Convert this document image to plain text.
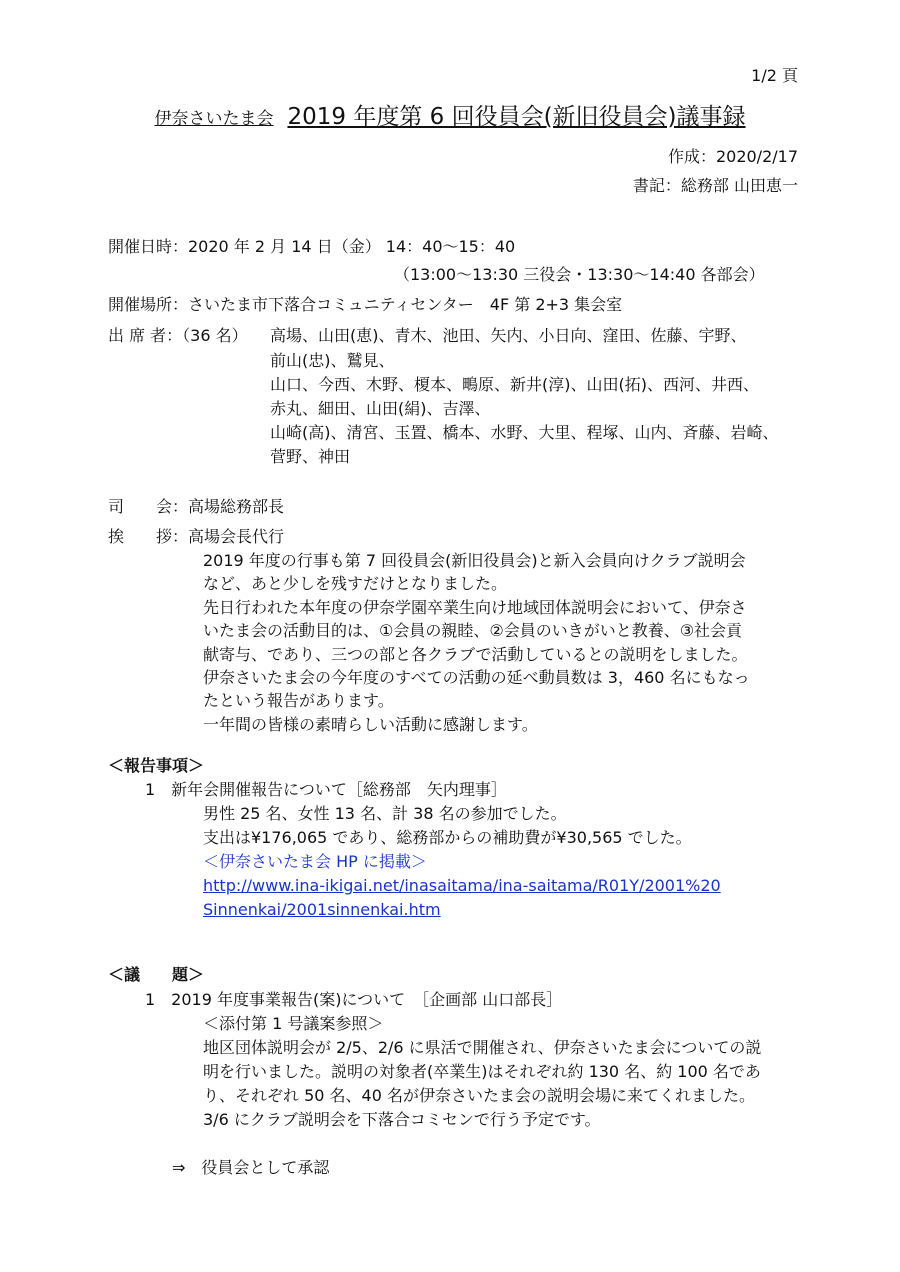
1/2 頁
伊奈さいたま会 2019 年度第 6 回役員会(新旧役員会)議事録
作成：2020/2/17
書記：総務部 山田恵一
開催日時：2020 年 2 月 14 日（金） 14：40～15：40
（13:00～13:30 三役会・13:30～14:40 各部会）
開催場所：さいたま市下落合コミュニティセンター　4F 第 2+3 集会室
出 席 者：（36 名） 高場、山田(恵)、青木、池田、矢内、小日向、窪田、佐藤、宇野、
前山(忠)、鷲見、
山口、今西、木野、榎本、鴫原、新井(淳)、山田(拓)、西河、井西、
赤丸、細田、山田(絹)、吉澤、
山崎(高)、清宮、玉置、橋本、水野、大里、程塚、山内、斉藤、岩崎、
菅野、神田
司　　会：高場総務部長
挨　　拶：高場会長代行
2019 年度の行事も第 7 回役員会(新旧役員会)と新入会員向けクラブ説明会
など、あと少しを残すだけとなりました。
先日行われた本年度の伊奈学園卒業生向け地域団体説明会において、伊奈さ
いたま会の活動目的は、①会員の親睦、②会員のいきがいと教養、③社会貢
献寄与、であり、三つの部と各クラブで活動しているとの説明をしました。
伊奈さいたま会の今年度のすべての活動の延べ動員数は 3，460 名にもなっ
たという報告があります。
一年間の皆様の素晴らしい活動に感謝します。
＜報告事項＞
1　新年会開催報告について［総務部　矢内理事］
男性 25 名、女性 13 名、計 38 名の参加でした。
支出は¥176,065 であり、総務部からの補助費が¥30,565 でした。
＜伊奈さいたま会 HP に掲載＞
http://www.ina-ikigai.net/inasaitama/ina-saitama/R01Y/2001%20
Sinnenkai/2001sinnenkai.htm
＜議　　題＞
1　2019 年度事業報告(案)について　［企画部 山口部長］
＜添付第 1 号議案参照＞
地区団体説明会が 2/5、2/6 に県活で開催され、伊奈さいたま会についての説
明を行いました。説明の対象者(卒業生)はそれぞれ約 130 名、約 100 名であ
り、それぞれ 50 名、40 名が伊奈さいたま会の説明会場に来てくれました。
3/6 にクラブ説明会を下落合コミセンで行う予定です。
⇒　役員会として承認
